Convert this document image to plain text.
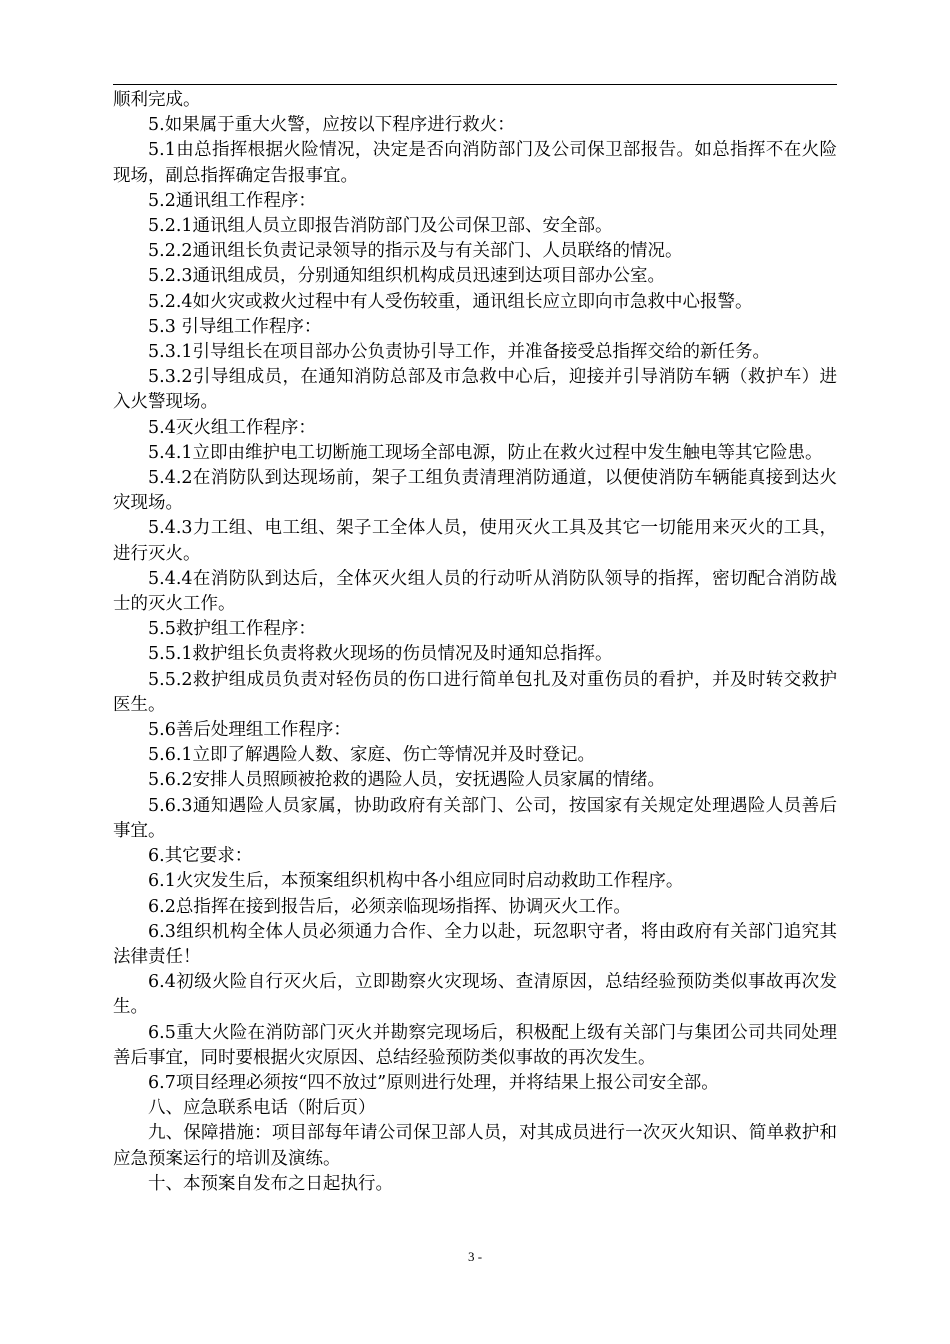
顺利完成。

5.如果属于重大火警，应按以下程序进行救火：

5.1由总指挥根据火险情况，决定是否向消防部门及公司保卫部报告。如总指挥不在火险现场，副总指挥确定告报事宜。

5.2通讯组工作程序：

5.2.1通讯组人员立即报告消防部门及公司保卫部、安全部。

5.2.2通讯组长负责记录领导的指示及与有关部门、人员联络的情况。

5.2.3通讯组成员，分别通知组织机构成员迅速到达项目部办公室。

5.2.4如火灾或救火过程中有人受伤较重，通讯组长应立即向市急救中心报警。

5.3 引导组工作程序：

5.3.1引导组长在项目部办公负责协引导工作，并准备接受总指挥交给的新任务。

5.3.2引导组成员，在通知消防总部及市急救中心后，迎接并引导消防车辆（救护车）进入火警现场。

5.4灭火组工作程序：

5.4.1立即由维护电工切断施工现场全部电源，防止在救火过程中发生触电等其它险患。

5.4.2在消防队到达现场前，架子工组负责清理消防通道，以便使消防车辆能真接到达火灾现场。

5.4.3力工组、电工组、架子工全体人员，使用灭火工具及其它一切能用来灭火的工具，进行灭火。

5.4.4在消防队到达后，全体灭火组人员的行动听从消防队领导的指挥，密切配合消防战士的灭火工作。

5.5救护组工作程序：

5.5.1救护组长负责将救火现场的伤员情况及时通知总指挥。

5.5.2救护组成员负责对轻伤员的伤口进行简单包扎及对重伤员的看护，并及时转交救护医生。

5.6善后处理组工作程序：

5.6.1立即了解遇险人数、家庭、伤亡等情况并及时登记。

5.6.2安排人员照顾被抢救的遇险人员，安抚遇险人员家属的情绪。

5.6.3通知遇险人员家属，协助政府有关部门、公司，按国家有关规定处理遇险人员善后事宜。

6.其它要求：

6.1火灾发生后，本预案组织机构中各小组应同时启动救助工作程序。

6.2总指挥在接到报告后，必须亲临现场指挥、协调灭火工作。

6.3组织机构全体人员必须通力合作、全力以赴，玩忽职守者，将由政府有关部门追究其法律责任！

6.4初级火险自行灭火后，立即勘察火灾现场、查清原因，总结经验预防类似事故再次发生。

6.5重大火险在消防部门灭火并勘察完现场后，积极配上级有关部门与集团公司共同处理善后事宜，同时要根据火灾原因、总结经验预防类似事故的再次发生。

6.7项目经理必须按“四不放过”原则进行处理，并将结果上报公司安全部。

八、应急联系电话（附后页）

九、保障措施：项目部每年请公司保卫部人员，对其成员进行一次灭火知识、简单救护和应急预案运行的培训及演练。

十、本预案自发布之日起执行。

3 -
